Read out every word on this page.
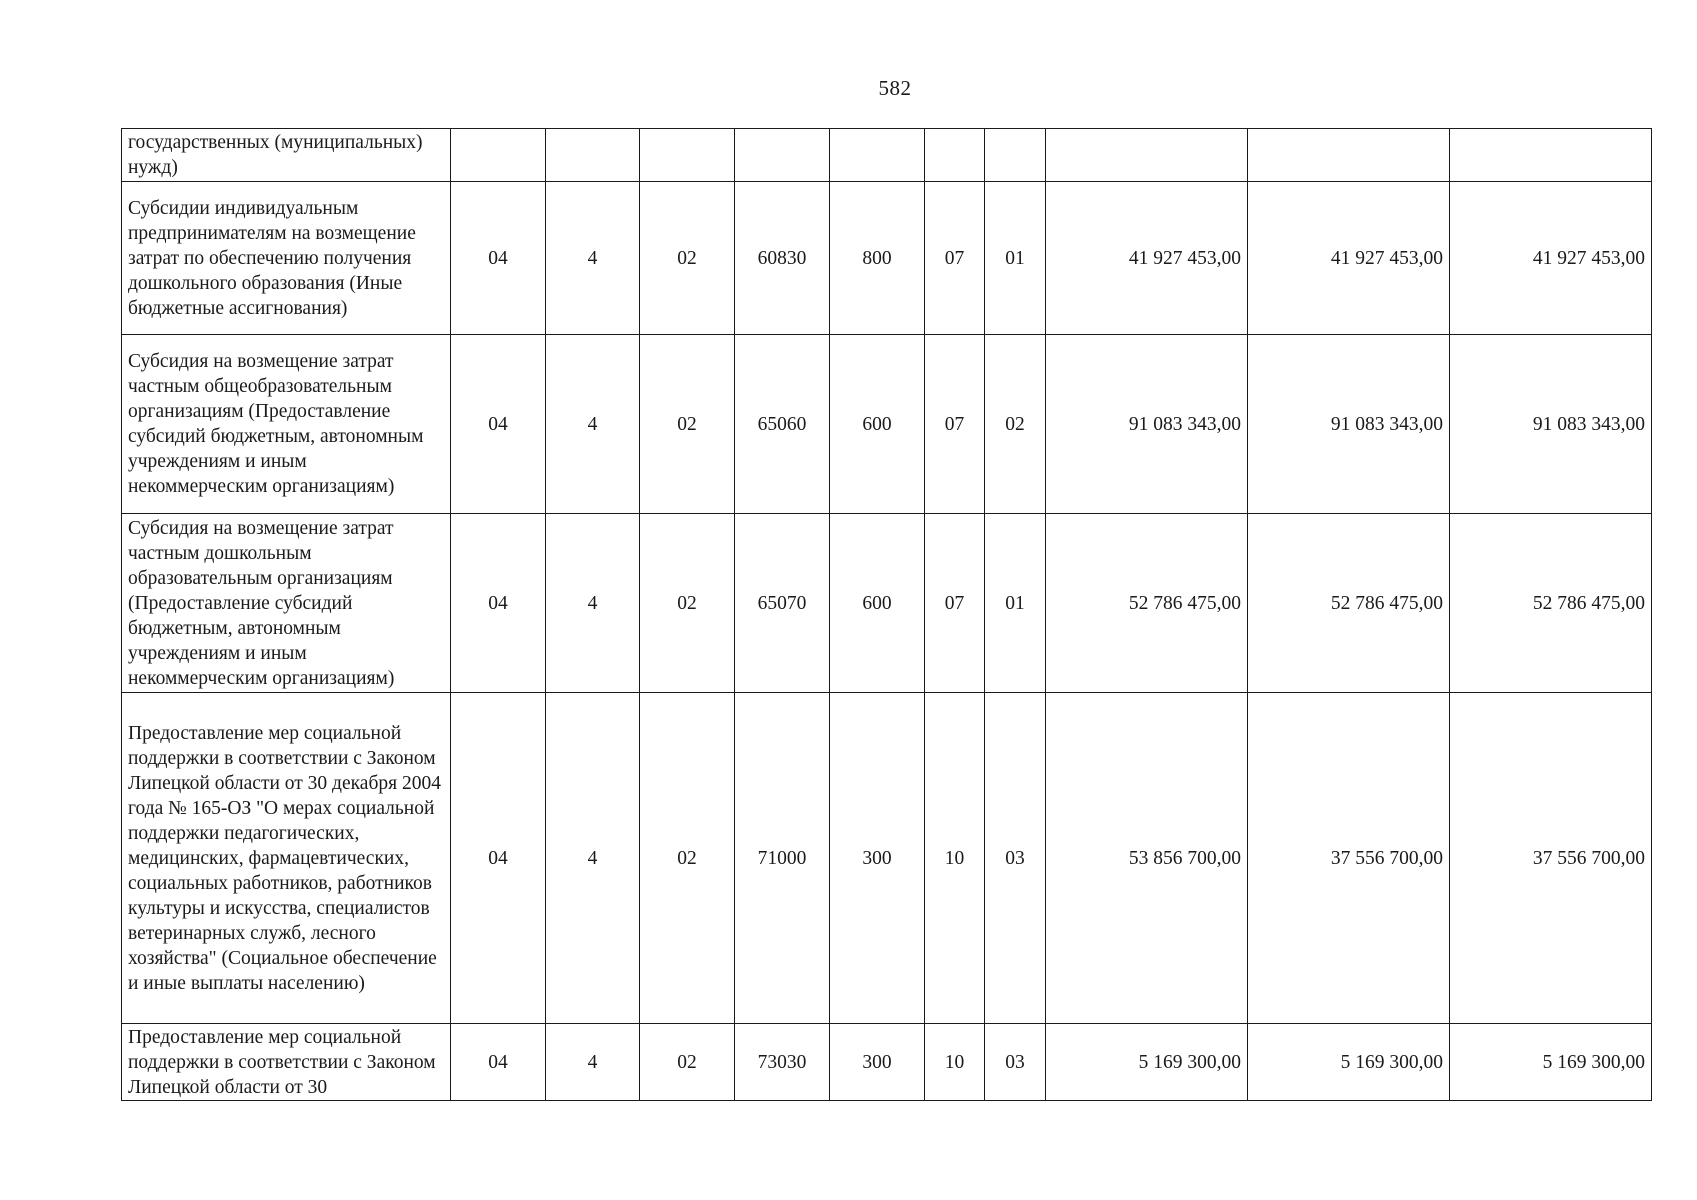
582
государственных (муниципальных) нужд)										
Субсидии индивидуальным предпринимателям на возмещение затрат по обеспечению получения дошкольного образования (Иные бюджетные ассигнования)	04	4	02	60830	800	07	01	41 927 453,00	41 927 453,00	41 927 453,00
Субсидия на возмещение затрат частным общеобразовательным организациям (Предоставление субсидий бюджетным, автономным учреждениям и иным некоммерческим организациям)	04	4	02	65060	600	07	02	91 083 343,00	91 083 343,00	91 083 343,00
Субсидия на возмещение затрат частным дошкольным образовательным организациям (Предоставление субсидий бюджетным, автономным учреждениям и иным некоммерческим организациям)	04	4	02	65070	600	07	01	52 786 475,00	52 786 475,00	52 786 475,00
Предоставление мер социальной поддержки в соответствии с Законом Липецкой области от 30 декабря 2004 года № 165-ОЗ "О мерах социальной поддержки педагогических, медицинских, фармацевтических, социальных работников, работников культуры и искусства, специалистов ветеринарных служб, лесного хозяйства" (Социальное обеспечение и иные выплаты населению)	04	4	02	71000	300	10	03	53 856 700,00	37 556 700,00	37 556 700,00
Предоставление мер социальной поддержки в соответствии с Законом Липецкой области от 30	04	4	02	73030	300	10	03	5 169 300,00	5 169 300,00	5 169 300,00
